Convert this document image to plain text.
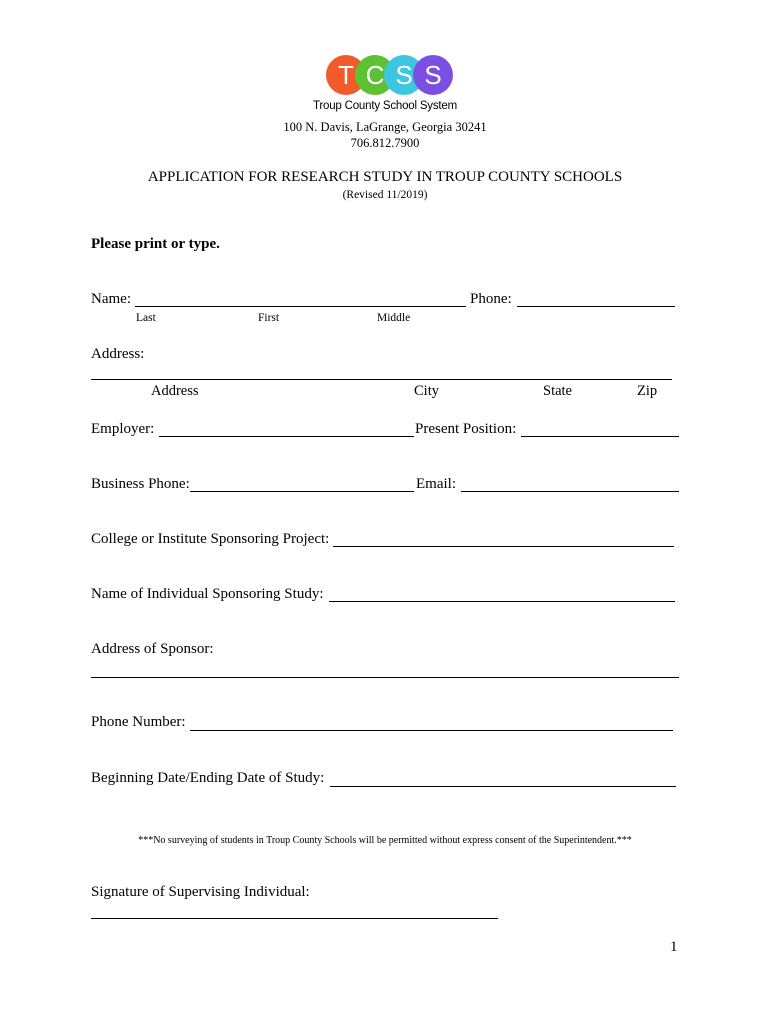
T C S S
Troup County School System
100 N. Davis, LaGrange, Georgia 30241
706.812.7900
APPLICATION FOR RESEARCH STUDY IN TROUP COUNTY SCHOOLS
(Revised 11/2019)
Please print or type.
Name:	Phone:
Last	First	Middle
Address:
Address	City	State	Zip
Employer:	Present Position:
Business Phone:	Email:
College or Institute Sponsoring Project:
Name of Individual Sponsoring Study:
Address of Sponsor:
Phone Number:
Beginning Date/Ending Date of Study:
***No surveying of students in Troup County Schools will be permitted without express consent of the Superintendent.***
Signature of Supervising Individual:
1
